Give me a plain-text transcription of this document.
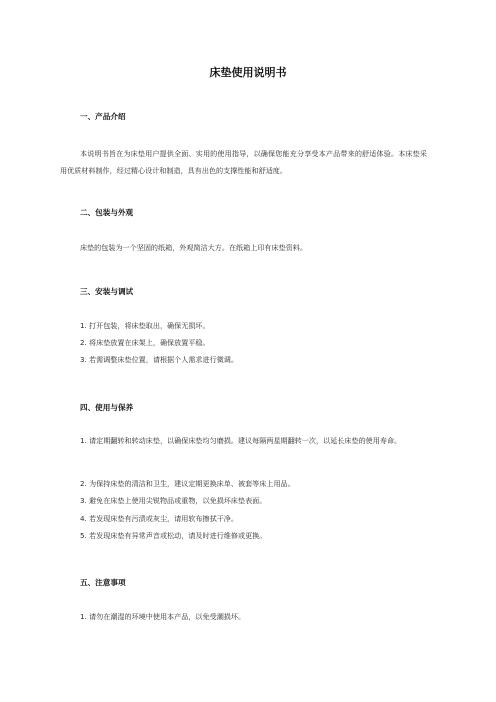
床垫使用说明书
一、产品介绍
本说明书旨在为床垫用户提供全面、实用的使用指导，以确保您能充分享受本产品带来的舒适体验。本床垫采用优质材料制作，经过精心设计和制造，具有出色的支撑性能和舒适度。
二、包装与外观
床垫的包装为一个坚固的纸箱，外观简洁大方。在纸箱上印有床垫资料。
三、安装与调试
1. 打开包装，将床垫取出，确保无损坏。
2. 将床垫放置在床架上，确保放置平稳。
3. 若需调整床垫位置，请根据个人需求进行微调。
四、使用与保养
1. 请定期翻转和转动床垫，以确保床垫均匀磨损。建议每隔两星期翻转一次，以延长床垫的使用寿命。
2. 为保持床垫的清洁和卫生，建议定期更换床单、被套等床上用品。
3. 避免在床垫上使用尖锐物品或重物，以免损坏床垫表面。
4. 若发现床垫有污渍或灰尘，请用软布擦拭干净。
5. 若发现床垫有异常声音或松动，请及时进行维修或更换。
五、注意事项
1. 请勿在潮湿的环境中使用本产品，以免受潮损坏。
